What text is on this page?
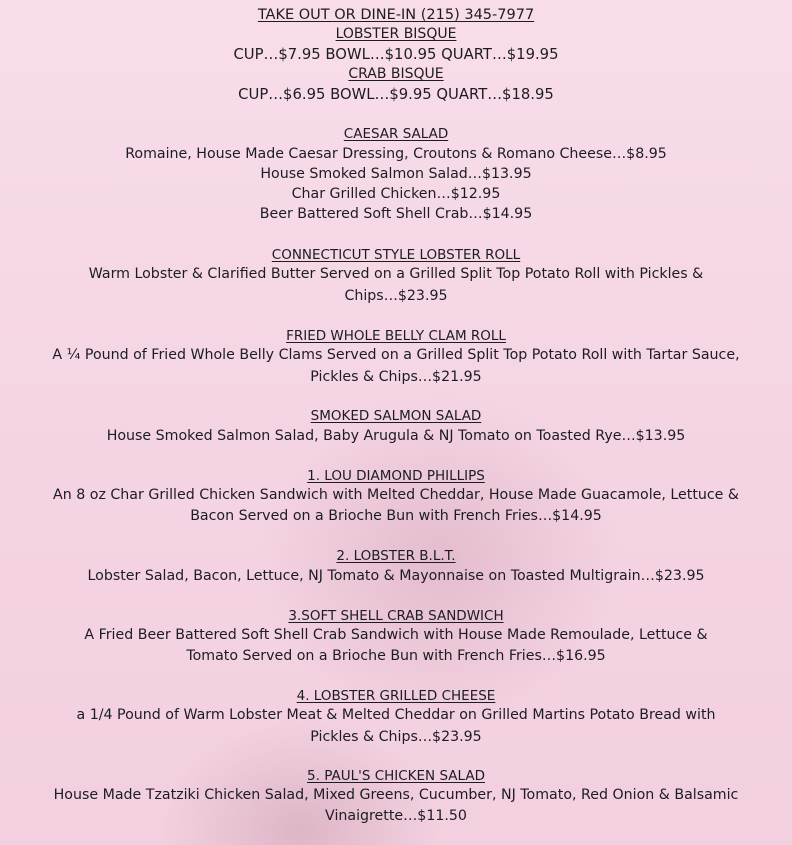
TAKE OUT OR DINE-IN (215) 345-7977
LOBSTER BISQUE
CUP…$7.95 BOWL…$10.95 QUART…$19.95
CRAB BISQUE
CUP…$6.95 BOWL…$9.95 QUART…$18.95
CAESAR SALAD
Romaine, House Made Caesar Dressing, Croutons & Romano Cheese…$8.95
House Smoked Salmon Salad…$13.95
Char Grilled Chicken…$12.95
Beer Battered Soft Shell Crab…$14.95
CONNECTICUT STYLE LOBSTER ROLL
Warm Lobster & Clarified Butter Served on a Grilled Split Top Potato Roll with Pickles &
Chips…$23.95
FRIED WHOLE BELLY CLAM ROLL
A ¼ Pound of Fried Whole Belly Clams Served on a Grilled Split Top Potato Roll with Tartar Sauce,
Pickles & Chips…$21.95
SMOKED SALMON SALAD
House Smoked Salmon Salad, Baby Arugula & NJ Tomato on Toasted Rye…$13.95
1. LOU DIAMOND PHILLIPS
An 8 oz Char Grilled Chicken Sandwich with Melted Cheddar, House Made Guacamole, Lettuce &
Bacon Served on a Brioche Bun with French Fries…$14.95
2. LOBSTER B.L.T.
Lobster Salad, Bacon, Lettuce, NJ Tomato & Mayonnaise on Toasted Multigrain…$23.95
3.SOFT SHELL CRAB SANDWICH
A Fried Beer Battered Soft Shell Crab Sandwich with House Made Remoulade, Lettuce &
Tomato Served on a Brioche Bun with French Fries…$16.95
4. LOBSTER GRILLED CHEESE
a 1/4 Pound of Warm Lobster Meat & Melted Cheddar on Grilled Martins Potato Bread with
Pickles & Chips…$23.95
5. PAUL'S CHICKEN SALAD
House Made Tzatziki Chicken Salad, Mixed Greens, Cucumber, NJ Tomato, Red Onion & Balsamic
Vinaigrette…$11.50
